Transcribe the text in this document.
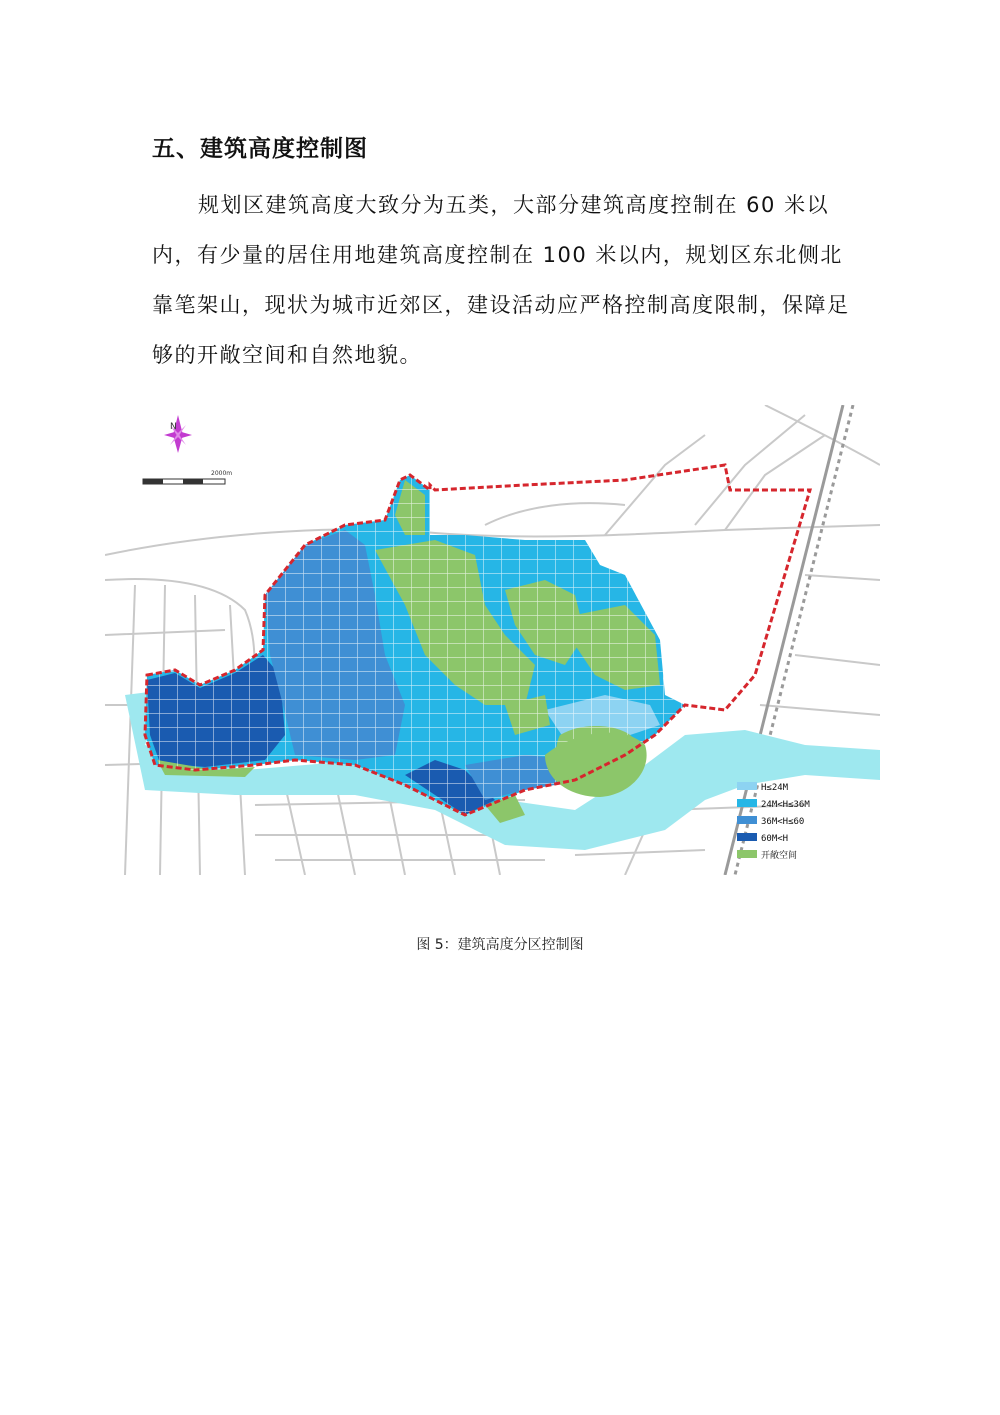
五、建筑高度控制图

规划区建筑高度大致分为五类，大部分建筑高度控制在 60 米以内，有少量的居住用地建筑高度控制在 100 米以内，规划区东北侧北靠笔架山，现状为城市近郊区，建设活动应严格控制高度限制，保障足够的开敞空间和自然地貌。

N
2000m
H≤24M
24M<H≤36M
36M<H≤60
60M<H
开敞空间
图 5：建筑高度分区控制图
